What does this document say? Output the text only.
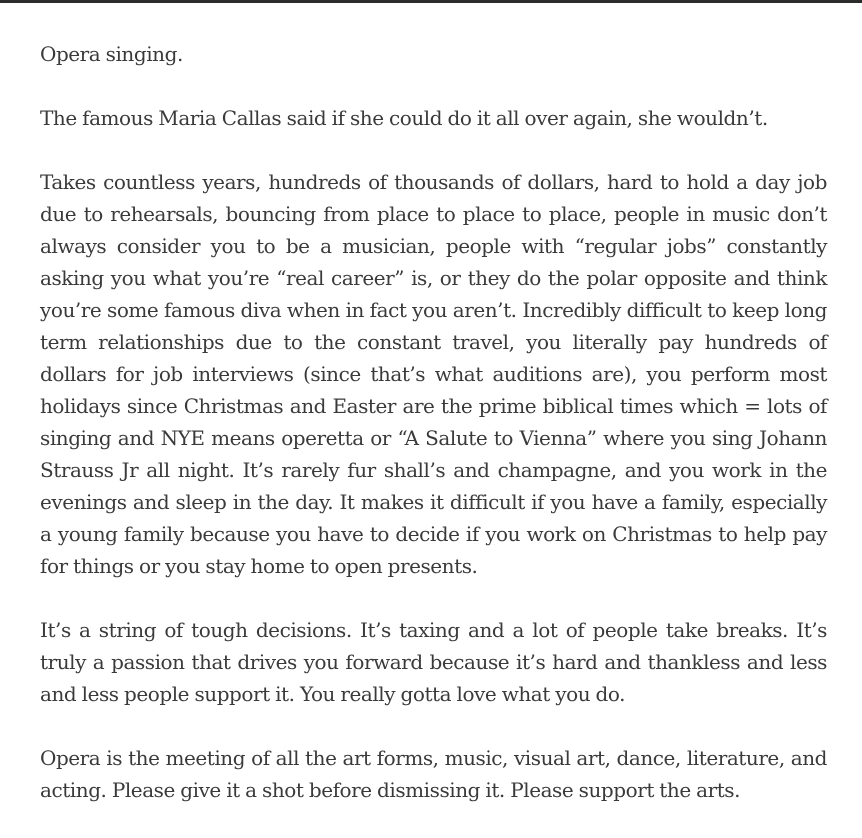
Opera singing.

The famous Maria Callas said if she could do it all over again, she wouldn’t.

Takes countless years, hundreds of thousands of dollars, hard to hold a day job due to rehearsals, bouncing from place to place to place, people in music don’t always consider you to be a musician, people with “regular jobs” constantly asking you what you’re “real career” is, or they do the polar opposite and think you’re some famous diva when in fact you aren’t. Incredibly difficult to keep long term relationships due to the constant travel, you literally pay hundreds of dollars for job interviews (since that’s what auditions are), you perform most holidays since Christmas and Easter are the prime biblical times which = lots of singing and NYE means operetta or “A Salute to Vienna” where you sing Johann Strauss Jr all night. It’s rarely fur shall’s and champagne, and you work in the evenings and sleep in the day. It makes it difficult if you have a family, especially a young family because you have to decide if you work on Christmas to help pay for things or you stay home to open presents.

It’s a string of tough decisions. It’s taxing and a lot of people take breaks. It’s truly a passion that drives you forward because it’s hard and thankless and less and less people support it. You really gotta love what you do.

Opera is the meeting of all the art forms, music, visual art, dance, literature, and acting. Please give it a shot before dismissing it. Please support the arts.
